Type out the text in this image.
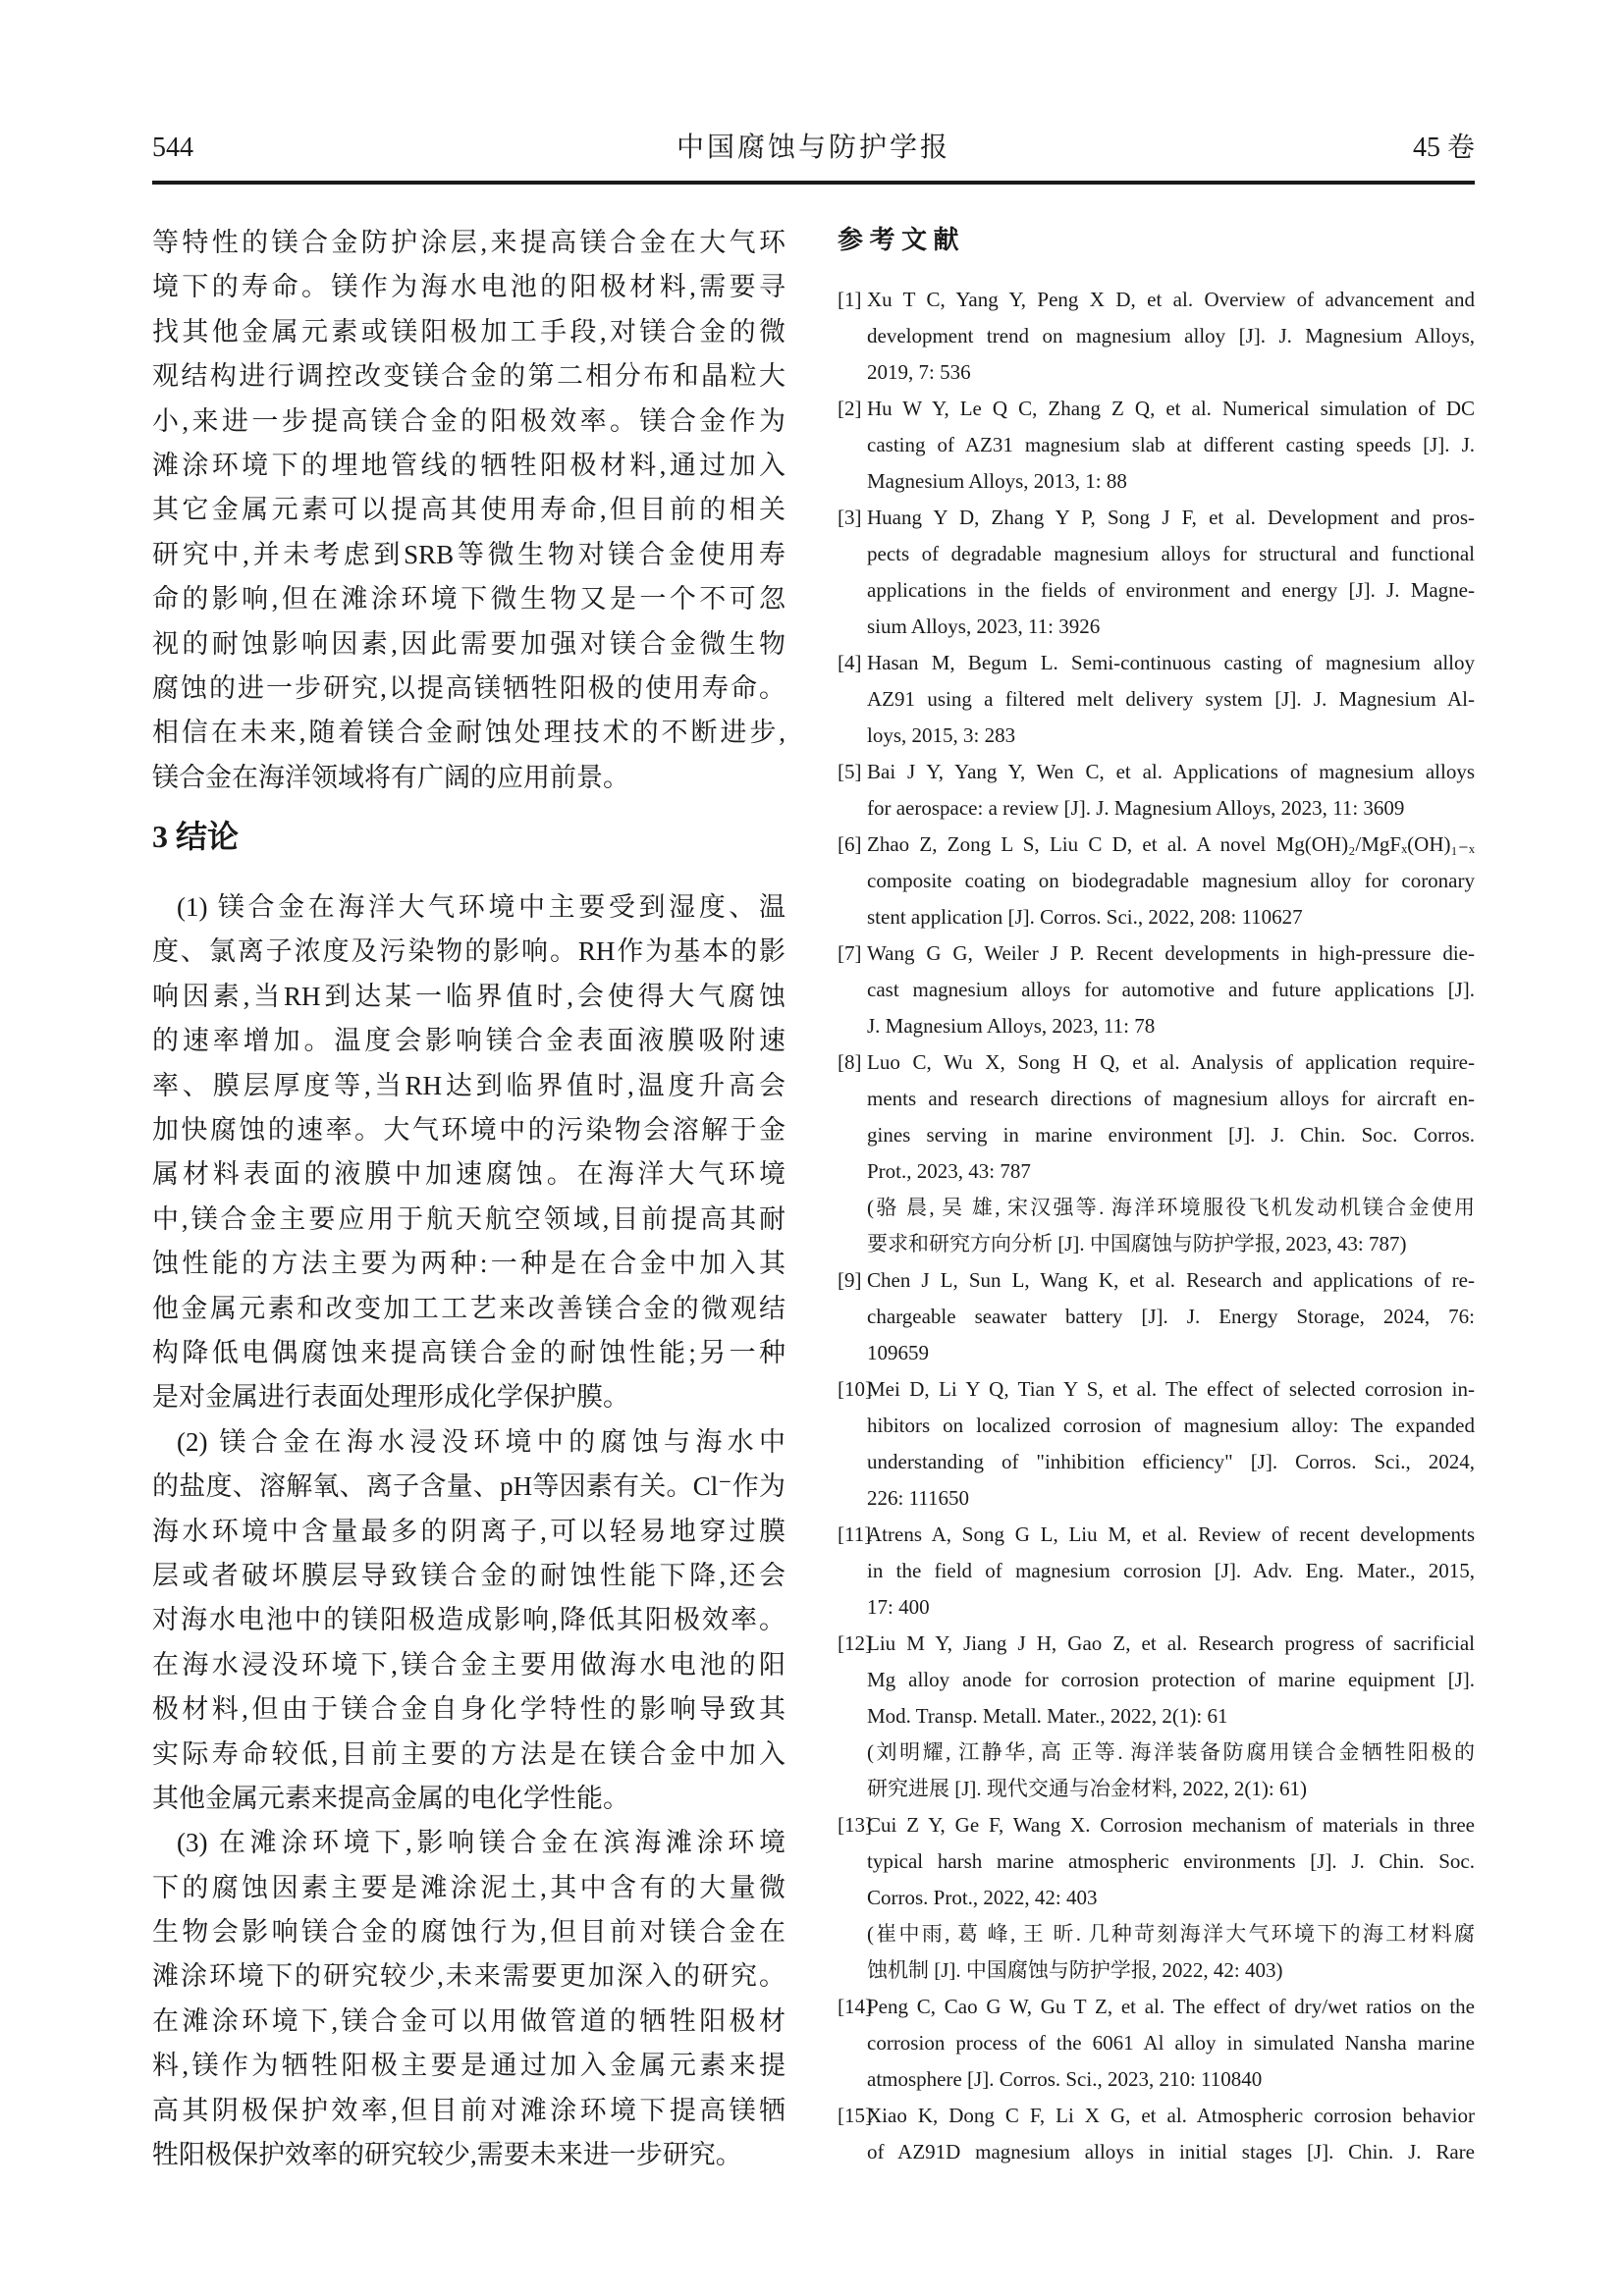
544	中国腐蚀与防护学报	45 卷
等特性的镁合金防护涂层,来提高镁合金在大气环
境下的寿命。镁作为海水电池的阳极材料,需要寻
找其他金属元素或镁阳极加工手段,对镁合金的微
观结构进行调控改变镁合金的第二相分布和晶粒大
小,来进一步提高镁合金的阳极效率。镁合金作为
滩涂环境下的埋地管线的牺牲阳极材料,通过加入
其它金属元素可以提高其使用寿命,但目前的相关
研究中,并未考虑到SRB等微生物对镁合金使用寿
命的影响,但在滩涂环境下微生物又是一个不可忽
视的耐蚀影响因素,因此需要加强对镁合金微生物
腐蚀的进一步研究,以提高镁牺牲阳极的使用寿命。
相信在未来,随着镁合金耐蚀处理技术的不断进步,
镁合金在海洋领域将有广阔的应用前景。
3 结论
(1) 镁合金在海洋大气环境中主要受到湿度、温
度、氯离子浓度及污染物的影响。RH作为基本的影
响因素,当RH到达某一临界值时,会使得大气腐蚀
的速率增加。温度会影响镁合金表面液膜吸附速
率、膜层厚度等,当RH达到临界值时,温度升高会
加快腐蚀的速率。大气环境中的污染物会溶解于金
属材料表面的液膜中加速腐蚀。在海洋大气环境
中,镁合金主要应用于航天航空领域,目前提高其耐
蚀性能的方法主要为两种:一种是在合金中加入其
他金属元素和改变加工工艺来改善镁合金的微观结
构降低电偶腐蚀来提高镁合金的耐蚀性能;另一种
是对金属进行表面处理形成化学保护膜。
(2) 镁合金在海水浸没环境中的腐蚀与海水中
的盐度、溶解氧、离子含量、pH等因素有关。Cl⁻作为
海水环境中含量最多的阴离子,可以轻易地穿过膜
层或者破坏膜层导致镁合金的耐蚀性能下降,还会
对海水电池中的镁阳极造成影响,降低其阳极效率。
在海水浸没环境下,镁合金主要用做海水电池的阳
极材料,但由于镁合金自身化学特性的影响导致其
实际寿命较低,目前主要的方法是在镁合金中加入
其他金属元素来提高金属的电化学性能。
(3) 在滩涂环境下,影响镁合金在滨海滩涂环境
下的腐蚀因素主要是滩涂泥土,其中含有的大量微
生物会影响镁合金的腐蚀行为,但目前对镁合金在
滩涂环境下的研究较少,未来需要更加深入的研究。
在滩涂环境下,镁合金可以用做管道的牺牲阳极材
料,镁作为牺牲阳极主要是通过加入金属元素来提
高其阴极保护效率,但目前对滩涂环境下提高镁牺
牲阳极保护效率的研究较少,需要未来进一步研究。
参 考 文 献
[1] Xu T C, Yang Y, Peng X D, et al. Overview of advancement and
development trend on magnesium alloy [J]. J. Magnesium Alloys,
2019, 7: 536
[2] Hu W Y, Le Q C, Zhang Z Q, et al. Numerical simulation of DC
casting of AZ31 magnesium slab at different casting speeds [J]. J.
Magnesium Alloys, 2013, 1: 88
[3] Huang Y D, Zhang Y P, Song J F, et al. Development and pros-
pects of degradable magnesium alloys for structural and functional
applications in the fields of environment and energy [J]. J. Magne-
sium Alloys, 2023, 11: 3926
[4] Hasan M, Begum L. Semi-continuous casting of magnesium alloy
AZ91 using a filtered melt delivery system [J]. J. Magnesium Al-
loys, 2015, 3: 283
[5] Bai J Y, Yang Y, Wen C, et al. Applications of magnesium alloys
for aerospace: a review [J]. J. Magnesium Alloys, 2023, 11: 3609
[6] Zhao Z, Zong L S, Liu C D, et al. A novel Mg(OH)₂/MgFₓ(OH)₁₋ₓ
composite coating on biodegradable magnesium alloy for coronary
stent application [J]. Corros. Sci., 2022, 208: 110627
[7] Wang G G, Weiler J P. Recent developments in high-pressure die-
cast magnesium alloys for automotive and future applications [J].
J. Magnesium Alloys, 2023, 11: 78
[8] Luo C, Wu X, Song H Q, et al. Analysis of application require-
ments and research directions of magnesium alloys for aircraft en-
gines serving in marine environment [J]. J. Chin. Soc. Corros.
Prot., 2023, 43: 787
(骆 晨, 吴 雄, 宋汉强等. 海洋环境服役飞机发动机镁合金使用
要求和研究方向分析 [J]. 中国腐蚀与防护学报, 2023, 43: 787)
[9] Chen J L, Sun L, Wang K, et al. Research and applications of re-
chargeable seawater battery [J]. J. Energy Storage, 2024, 76:
109659
[10]
Mei D, Li Y Q, Tian Y S, et al. The effect of selected corrosion in-
hibitors on localized corrosion of magnesium alloy: The expanded
understanding of "inhibition efficiency" [J]. Corros. Sci., 2024,
226: 111650
[11]
Atrens A, Song G L, Liu M, et al. Review of recent developments
in the field of magnesium corrosion [J]. Adv. Eng. Mater., 2015,
17: 400
[12]
Liu M Y, Jiang J H, Gao Z, et al. Research progress of sacrificial
Mg alloy anode for corrosion protection of marine equipment [J].
Mod. Transp. Metall. Mater., 2022, 2(1): 61
(刘明耀, 江静华, 高 正等. 海洋装备防腐用镁合金牺牲阳极的
研究进展 [J]. 现代交通与冶金材料, 2022, 2(1): 61)
[13]
Cui Z Y, Ge F, Wang X. Corrosion mechanism of materials in three
typical harsh marine atmospheric environments [J]. J. Chin. Soc.
Corros. Prot., 2022, 42: 403
(崔中雨, 葛 峰, 王 昕. 几种苛刻海洋大气环境下的海工材料腐
蚀机制 [J]. 中国腐蚀与防护学报, 2022, 42: 403)
[14]
Peng C, Cao G W, Gu T Z, et al. The effect of dry/wet ratios on the
corrosion process of the 6061 Al alloy in simulated Nansha marine
atmosphere [J]. Corros. Sci., 2023, 210: 110840
[15]
Xiao K, Dong C F, Li X G, et al. Atmospheric corrosion behavior
of AZ91D magnesium alloys in initial stages [J]. Chin. J. Rare
